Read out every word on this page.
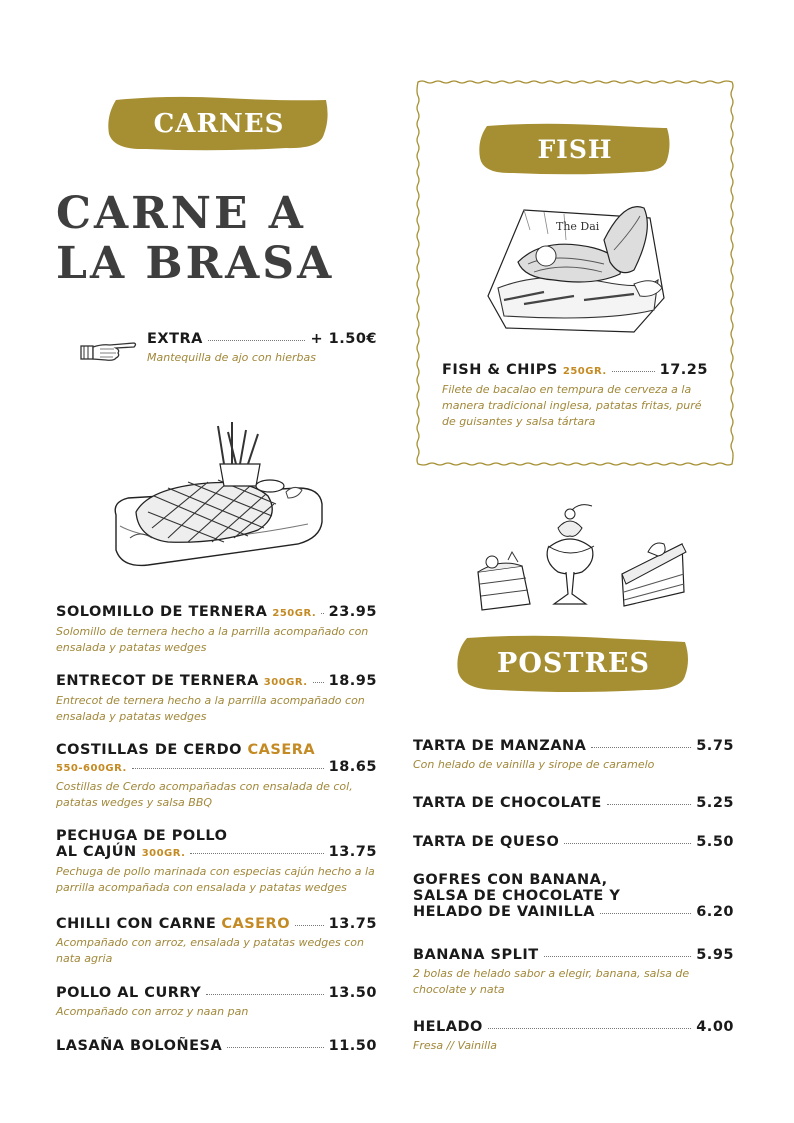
CARNES
CARNE A
LA BRASA
EXTRA	+ 1.50€
Mantequilla de ajo con hierbas
SOLOMILLO DE TERNERA 250GR. 23.95
Solomillo de ternera hecho a la parrilla acompañado con ensalada y patatas wedges
ENTRECOT DE TERNERA 300GR. 18.95
Entrecot de ternera hecho a la parrilla acompañado con ensalada y patatas wedges
COSTILLAS DE CERDO CASERA
550-600GR.	18.65
Costillas de Cerdo acompañadas con ensalada de col, patatas wedges y salsa BBQ
PECHUGA DE POLLO
AL CAJÚN 300GR.	13.75
Pechuga de pollo marinada con especias cajún hecho a la parrilla acompañada con ensalada y patatas wedges
CHILLI CON CARNE CASERO	13.75
Acompañado con arroz, ensalada y patatas wedges con nata agria
POLLO AL CURRY	13.50
Acompañado con arroz y naan pan
LASAÑA BOLOÑESA	11.50
FISH
The Dai
FISH & CHIPS 250GR.	17.25
Filete de bacalao en tempura de cerveza a la manera tradicional inglesa, patatas fritas, puré de guisantes y salsa tártara
POSTRES
TARTA DE MANZANA	5.75
Con helado de vainilla y sirope de caramelo
TARTA DE CHOCOLATE	5.25
TARTA DE QUESO	5.50
GOFRES CON BANANA,
SALSA DE CHOCOLATE Y
HELADO DE VAINILLA	6.20
BANANA SPLIT	5.95
2 bolas de helado sabor a elegir, banana, salsa de chocolate y nata
HELADO	4.00
Fresa // Vainilla
